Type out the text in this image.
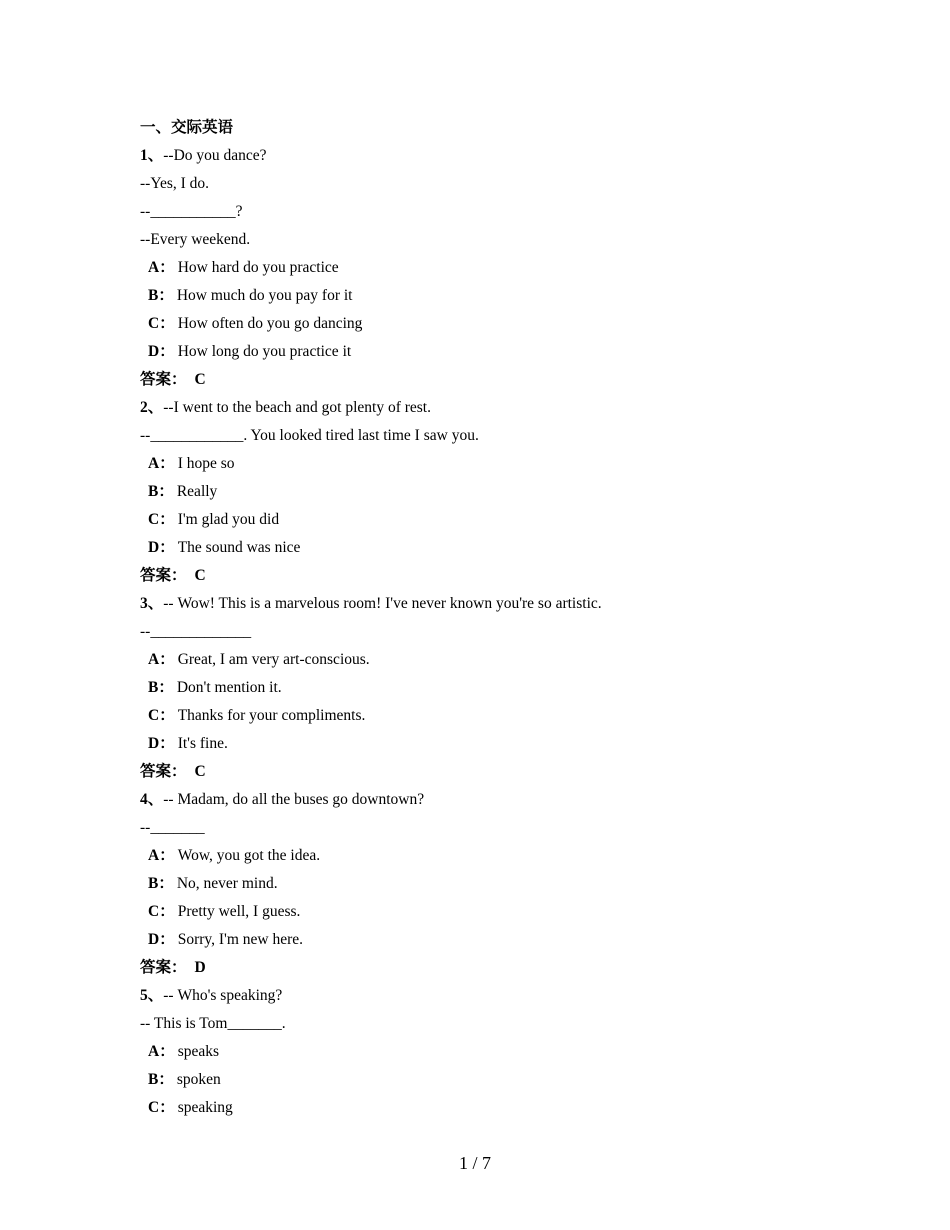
一、交际英语
1、--Do you dance?
--Yes, I do.
--___________?
--Every weekend.
A： How hard do you practice
B： How much do you pay for it
C： How often do you go dancing
D： How long do you practice it
答案： C
2、--I went to the beach and got plenty of rest.
--____________. You looked tired last time I saw you.
A： I hope so
B： Really
C： I'm glad you did
D： The sound was nice
答案： C
3、-- Wow! This is a marvelous room! I've never known you're so artistic.
--_____________
A： Great, I am very art-conscious.
B： Don't mention it.
C： Thanks for your compliments.
D： It's fine.
答案： C
4、-- Madam, do all the buses go downtown?
--_______
A： Wow, you got the idea.
B： No, never mind.
C： Pretty well, I guess.
D： Sorry, I'm new here.
答案： D
5、-- Who's speaking?
-- This is Tom_______.
A： speaks
B： spoken
C： speaking
1 / 7
